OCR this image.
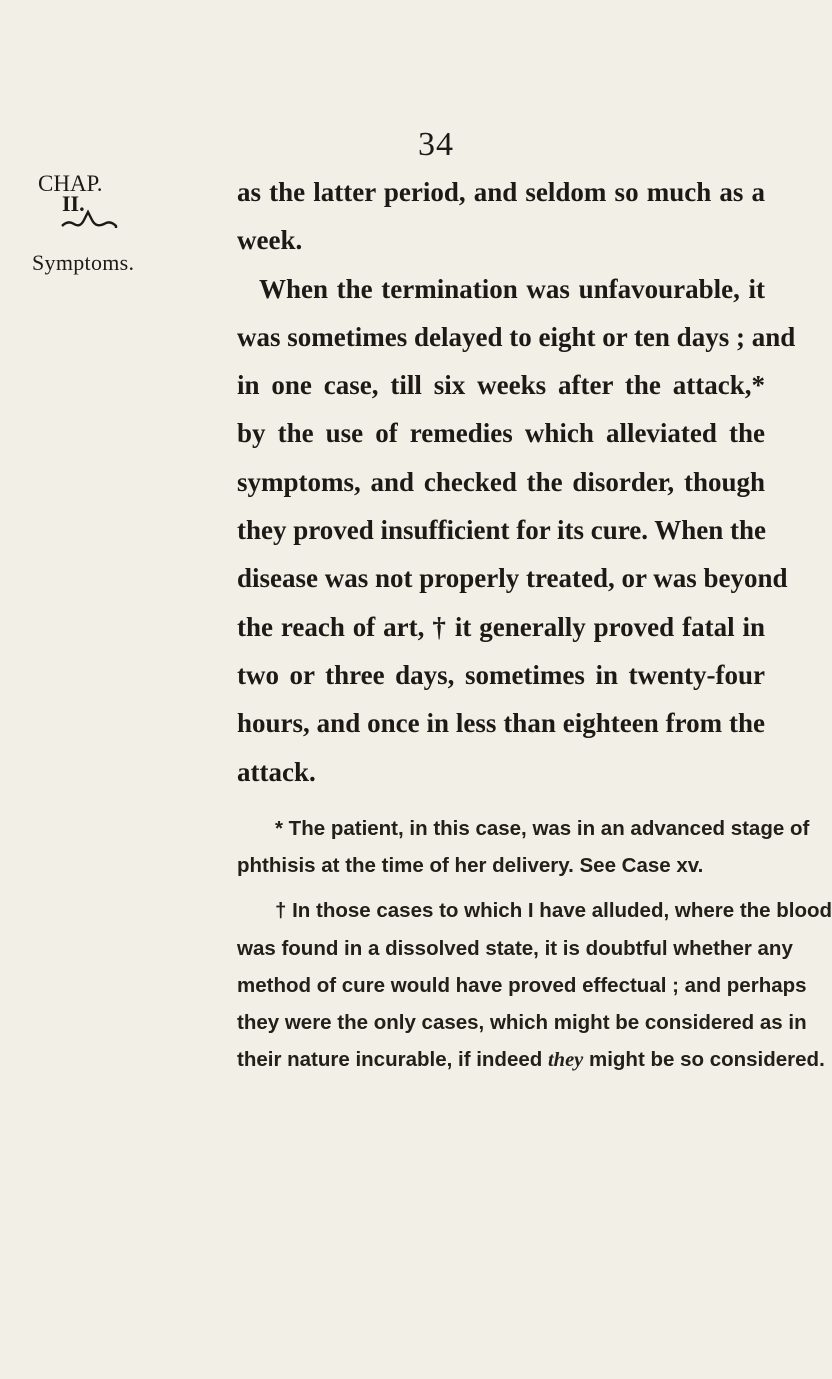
34
CHAP.
II.
Symptoms.
as the latter period, and seldom so much as a
week.
When the termination was unfavourable, it
was sometimes delayed to eight or ten days ; and
in one case, till six weeks after the attack,*
by the use of remedies which alleviated the
symptoms, and checked the disorder, though
they proved insufficient for its cure. When the
disease was not properly treated, or was beyond
the reach of art, † it generally proved fatal in
two or three days, sometimes in twenty-four
hours, and once in less than eighteen from the
attack.
* The patient, in this case, was in an advanced stage of
phthisis at the time of her delivery. See Case xv.
† In those cases to which I have alluded, where the blood
was found in a dissolved state, it is doubtful whether any
method of cure would have proved effectual ; and perhaps
they were the only cases, which might be considered as in
their nature incurable, if indeed they might be so considered.
